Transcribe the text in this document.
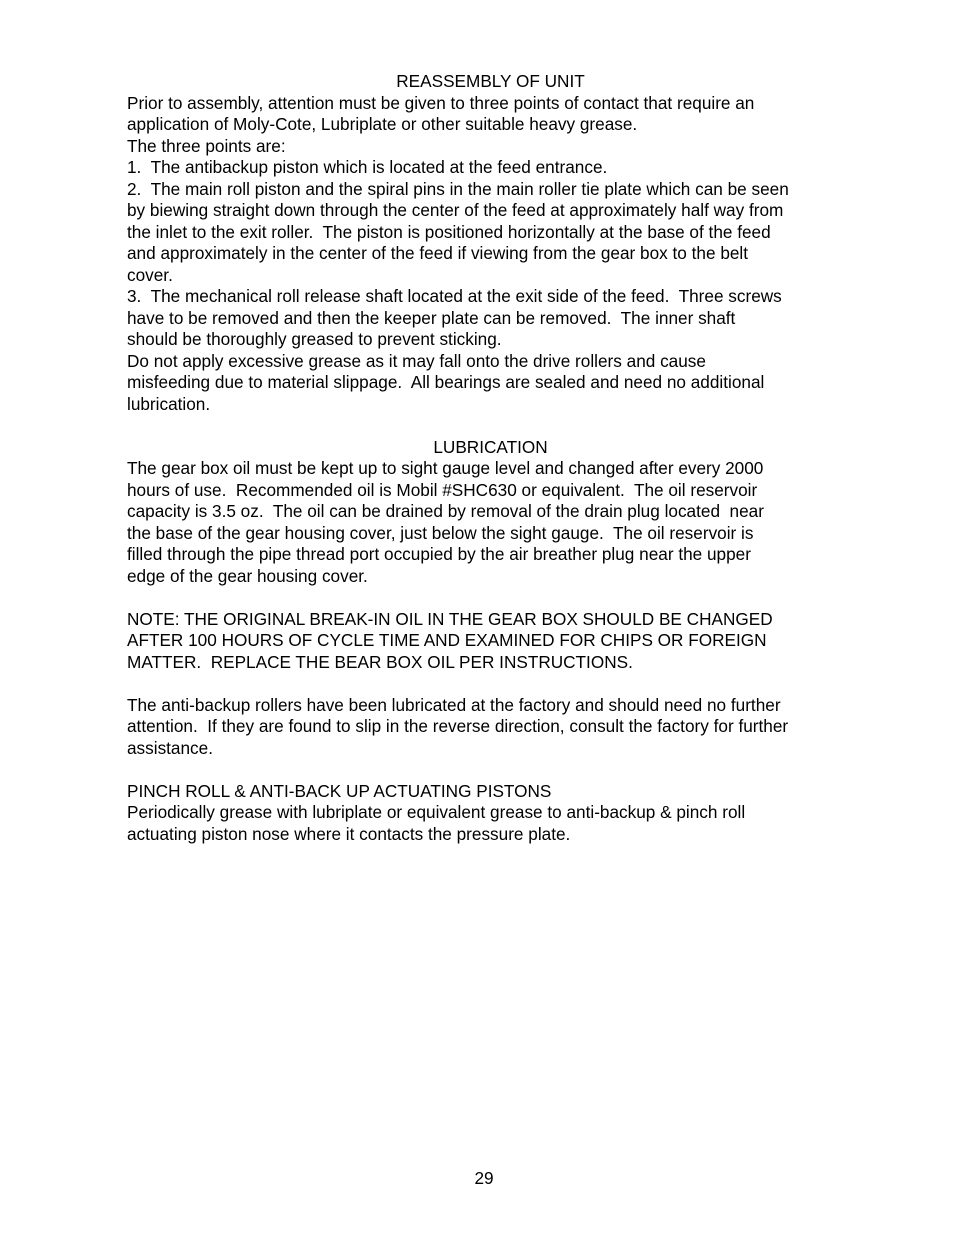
REASSEMBLY OF UNIT
Prior to assembly, attention must be given to three points of contact that require an
application of Moly-Cote, Lubriplate or other suitable heavy grease.
The three points are:
1.  The antibackup piston which is located at the feed entrance.
2.  The main roll piston and the spiral pins in the main roller tie plate which can be seen
by biewing straight down through the center of the feed at approximately half way from
the inlet to the exit roller.  The piston is positioned horizontally at the base of the feed
and approximately in the center of the feed if viewing from the gear box to the belt
cover.
3.  The mechanical roll release shaft located at the exit side of the feed.  Three screws
have to be removed and then the keeper plate can be removed.  The inner shaft
should be thoroughly greased to prevent sticking.
Do not apply excessive grease as it may fall onto the drive rollers and cause
misfeeding due to material slippage.  All bearings are sealed and need no additional
lubrication.
LUBRICATION
The gear box oil must be kept up to sight gauge level and changed after every 2000
hours of use.  Recommended oil is Mobil #SHC630 or equivalent.  The oil reservoir
capacity is 3.5 oz.  The oil can be drained by removal of the drain plug located  near
the base of the gear housing cover, just below the sight gauge.  The oil reservoir is
filled through the pipe thread port occupied by the air breather plug near the upper
edge of the gear housing cover.
NOTE: THE ORIGINAL BREAK-IN OIL IN THE GEAR BOX SHOULD BE CHANGED
AFTER 100 HOURS OF CYCLE TIME AND EXAMINED FOR CHIPS OR FOREIGN
MATTER.  REPLACE THE BEAR BOX OIL PER INSTRUCTIONS.
The anti-backup rollers have been lubricated at the factory and should need no further
attention.  If they are found to slip in the reverse direction, consult the factory for further
assistance.
PINCH ROLL & ANTI-BACK UP ACTUATING PISTONS
Periodically grease with lubriplate or equivalent grease to anti-backup & pinch roll
actuating piston nose where it contacts the pressure plate.
29
